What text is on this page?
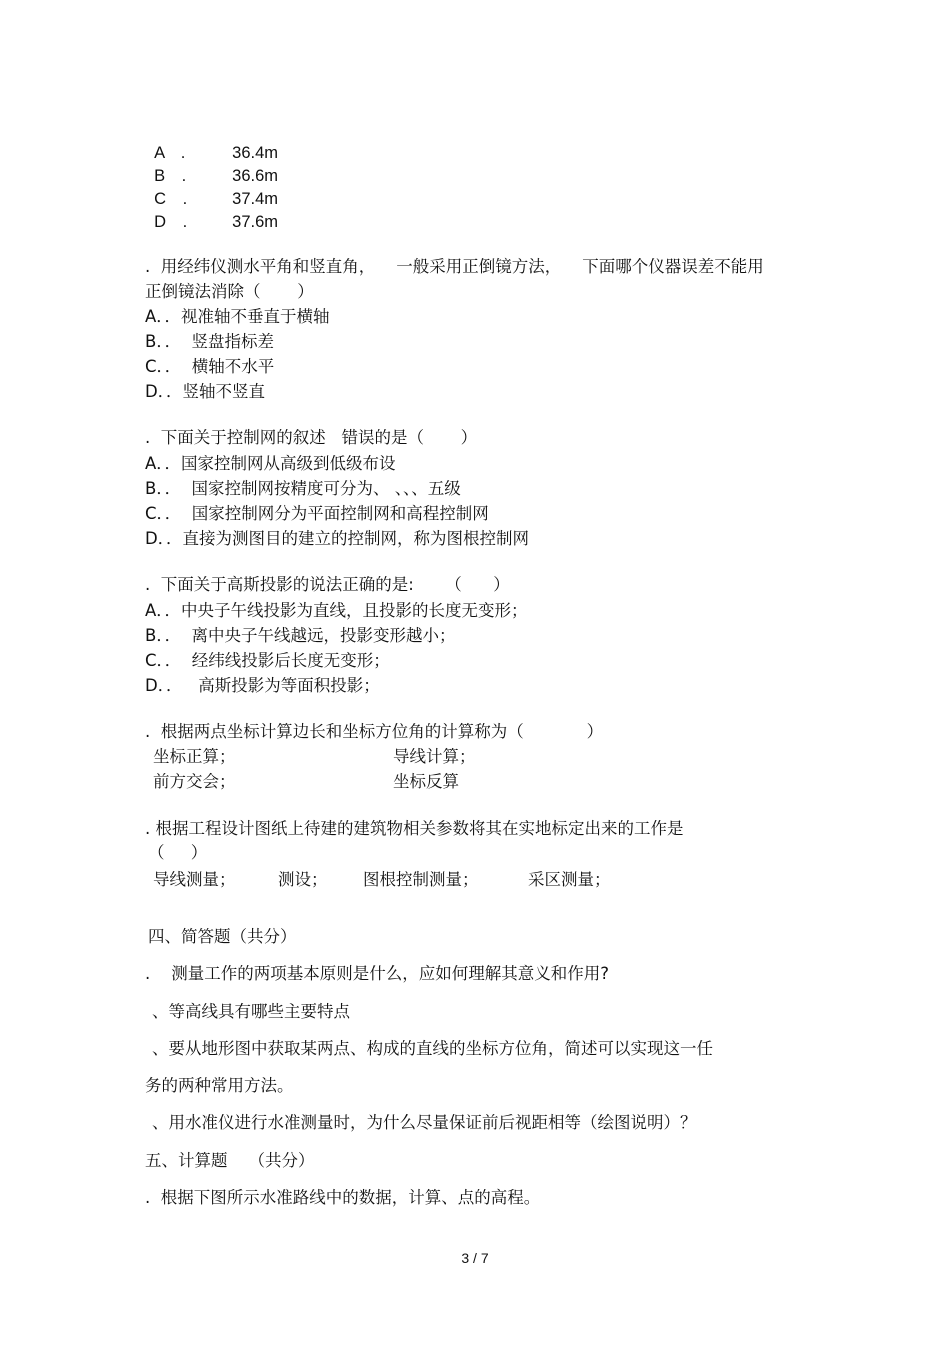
A　.	36.4m

B　.	36.6m

C　.	37.4m

D　.	37.6m

.  用经纬仪测水平角和竖直角，    一般采用正倒镜方法，    下面哪个仪器误差不能用
正倒镜法消除（       ）
A．．视准轴不垂直于横轴
B．．  竖盘指标差
C．．  横轴不水平
D．．竖轴不竖直
.  下面关于控制网的叙述   错误的是（       ）
A．．国家控制网从高级到低级布设
B．．  国家控制网按精度可分为、 、、、五级
C．．  国家控制网分为平面控制网和高程控制网
D．．直接为测图目的建立的控制网，称为图根控制网
.  下面关于高斯投影的说法正确的是:      （      ）
A．．中央子午线投影为直线，且投影的长度无变形；
B．．  离中央子午线越远，投影变形越小；
C．．  经纬线投影后长度无变形；
D．．   高斯投影为等面积投影；
.  根据两点坐标计算边长和坐标方位角的计算称为（            ）
坐标正算；	导线计算；
前方交会；	坐标反算
. 根据工程设计图纸上待建的建筑物相关参数将其在实地标定出来的工作是
（     ）
导线测量；	测设； 图根控制测量；	采区测量；
四、简答题（共分）
.    测量工作的两项基本原则是什么，应如何理解其意义和作用?
、等高线具有哪些主要特点
、要从地形图中获取某两点、构成的直线的坐标方位角，简述可以实现这一任
务的两种常用方法。
、用水准仪进行水准测量时，为什么尽量保证前后视距相等（绘图说明）？
五、计算题    （共分）
.  根据下图所示水准路线中的数据，计算、点的高程。
3 / 7
